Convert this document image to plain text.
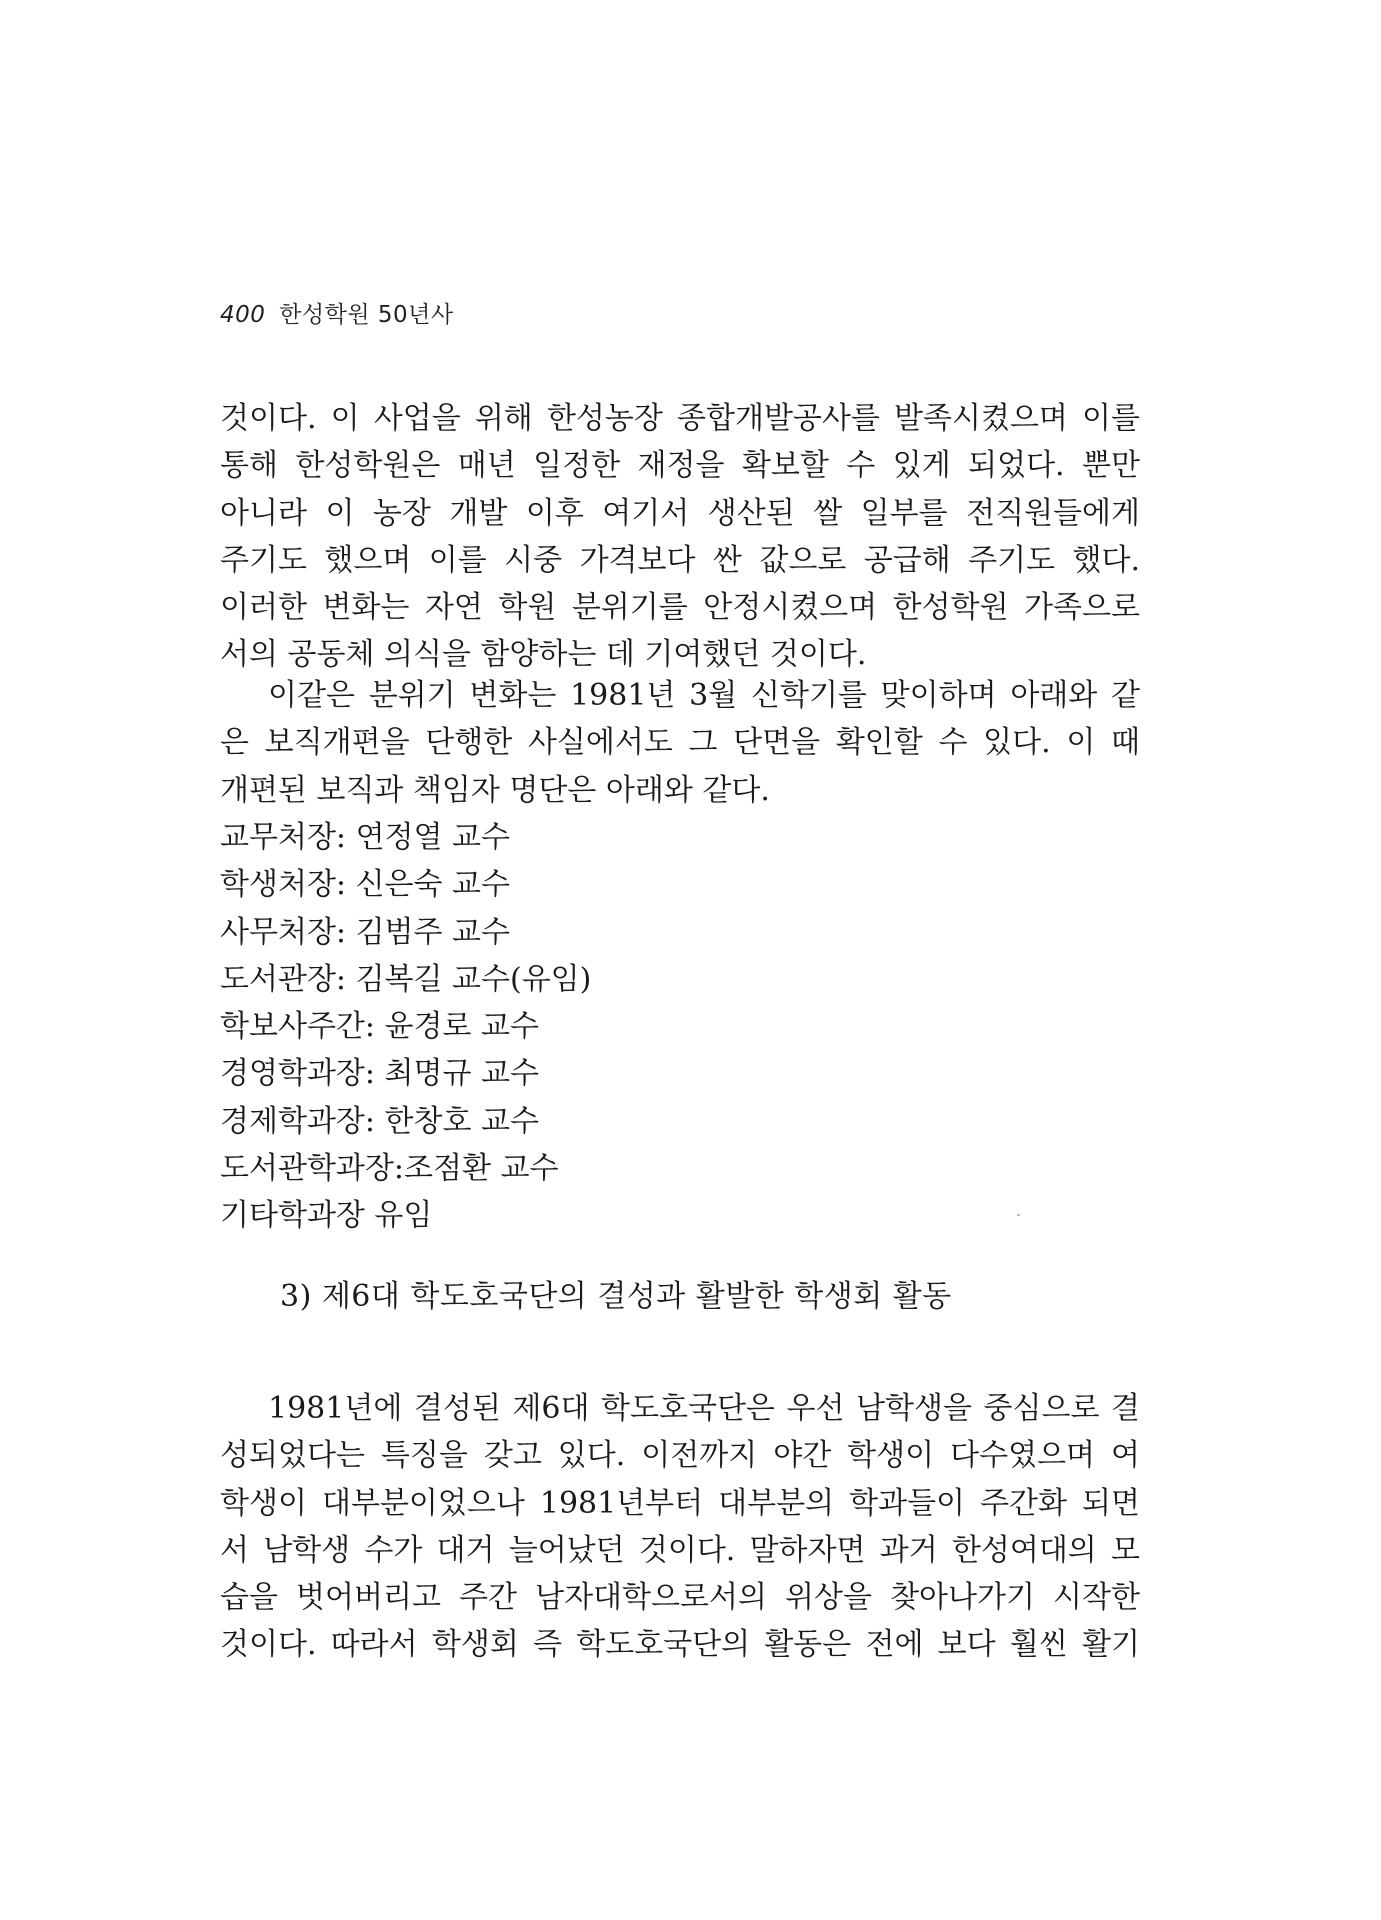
400 한성학원 50년사
것이다. 이 사업을 위해 한성농장 종합개발공사를 발족시켰으며 이를
통해 한성학원은 매년 일정한 재정을 확보할 수 있게 되었다. 뿐만
아니라 이 농장 개발 이후 여기서 생산된 쌀 일부를 전직원들에게
주기도 했으며 이를 시중 가격보다 싼 값으로 공급해 주기도 했다.
이러한 변화는 자연 학원 분위기를 안정시켰으며 한성학원 가족으로
서의 공동체 의식을 함양하는 데 기여했던 것이다.
이같은 분위기 변화는 1981년 3월 신학기를 맞이하며 아래와 같
은 보직개편을 단행한 사실에서도 그 단면을 확인할 수 있다. 이 때
개편된 보직과 책임자 명단은 아래와 같다.
교무처장: 연정열 교수
학생처장: 신은숙 교수
사무처장: 김범주 교수
도서관장: 김복길 교수(유임)
학보사주간: 윤경로 교수
경영학과장: 최명규 교수
경제학과장: 한창호 교수
도서관학과장:조점환 교수
기타학과장 유임
3) 제6대 학도호국단의 결성과 활발한 학생회 활동
1981년에 결성된 제6대 학도호국단은 우선 남학생을 중심으로 결
성되었다는 특징을 갖고 있다. 이전까지 야간 학생이 다수였으며 여
학생이 대부분이었으나 1981년부터 대부분의 학과들이 주간화 되면
서 남학생 수가 대거 늘어났던 것이다. 말하자면 과거 한성여대의 모
습을 벗어버리고 주간 남자대학으로서의 위상을 찾아나가기 시작한
것이다. 따라서 학생회 즉 학도호국단의 활동은 전에 보다 훨씬 활기
